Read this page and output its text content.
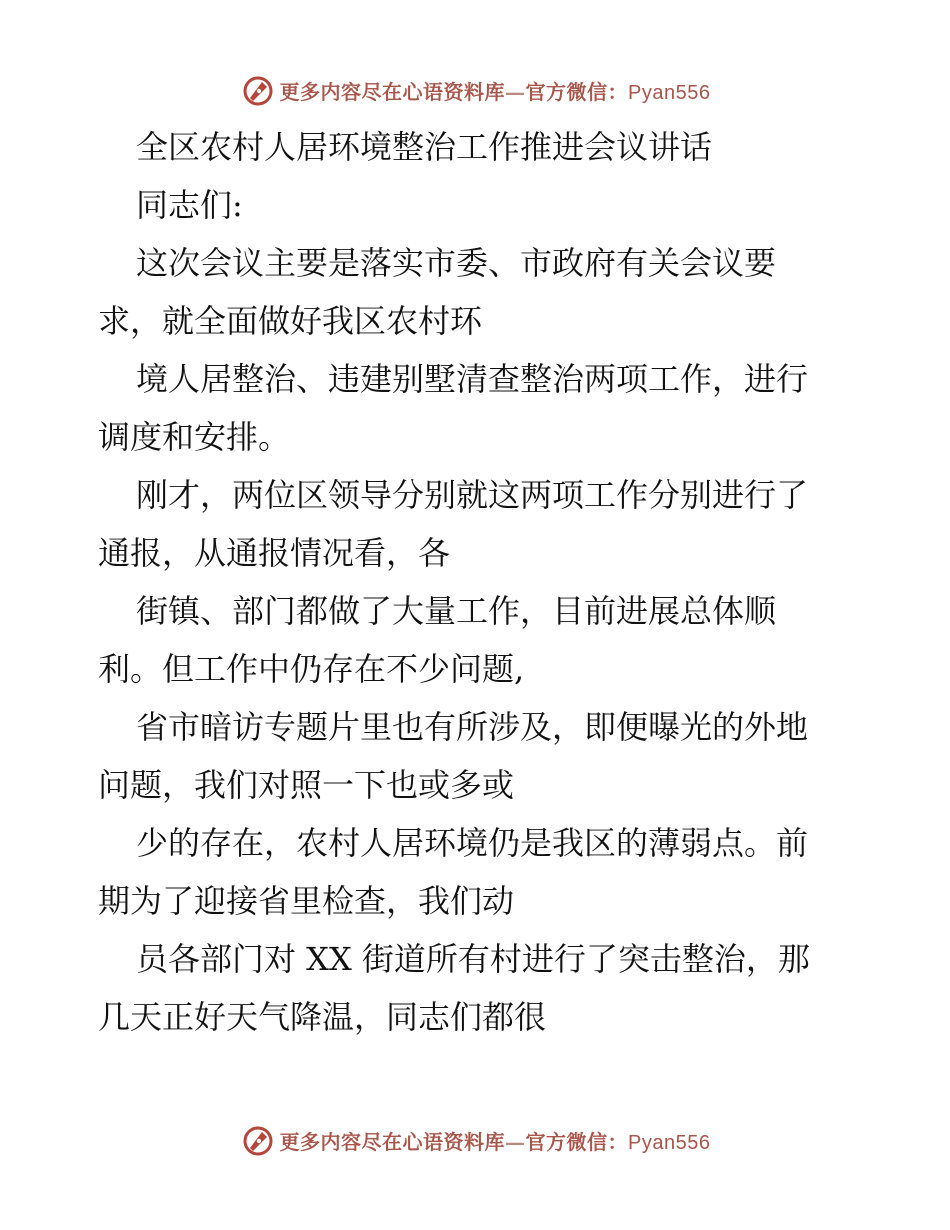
更多内容尽在心语资料库—官方微信：Pyan556
全区农村人居环境整治工作推进会议讲话
同志们:
这次会议主要是落实市委、市政府有关会议要
求，就全面做好我区农村环
境人居整治、违建别墅清查整治两项工作，进行
调度和安排。
刚才，两位区领导分别就这两项工作分别进行了
通报，从通报情况看，各
街镇、部门都做了大量工作，目前进展总体顺
利。但工作中仍存在不少问题,
省市暗访专题片里也有所涉及，即便曝光的外地
问题，我们对照一下也或多或
少的存在，农村人居环境仍是我区的薄弱点。前
期为了迎接省里检查，我们动
员各部门对 XX 街道所有村进行了突击整治，那
几天正好天气降温，同志们都很
更多内容尽在心语资料库—官方微信：Pyan556
